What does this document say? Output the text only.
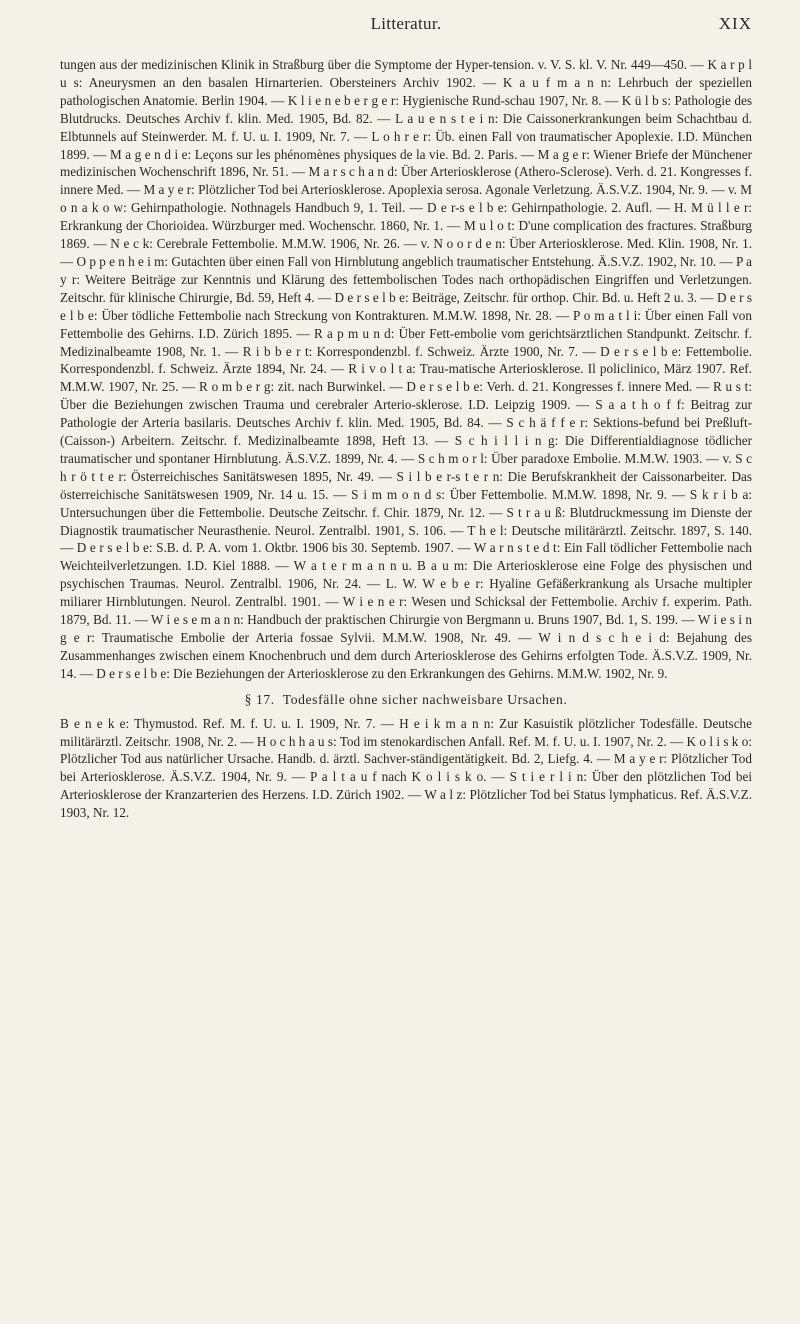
Litteratur.	XIX

tungen aus der medizinischen Klinik in Straßburg über die Symptome der Hyper-tension. v. V. S. kl. V. Nr. 449—450. — K a r p l u s: Aneurysmen an den basalen Hirnarterien. Obersteiners Archiv 1902. — K a u f m a n n: Lehrbuch der speziellen pathologischen Anatomie. Berlin 1904. — K l i e n e b e r g e r: Hygienische Rund-schau 1907, Nr. 8. — K ü l b s: Pathologie des Blutdrucks. Deutsches Archiv f. klin. Med. 1905, Bd. 82. — L a u e n s t e i n: Die Caissonerkrankungen beim Schachtbau d. Elbtunnels auf Steinwerder. M. f. U. u. I. 1909, Nr. 7. — L o h r e r: Üb. einen Fall von traumatischer Apoplexie. I.D. München 1899. — M a g e n d i e: Leçons sur les phénomènes physiques de la vie. Bd. 2. Paris. — M a g e r: Wiener Briefe der Münchener medizinischen Wochenschrift 1896, Nr. 51. — M a r s c h a n d: Über Arteriosklerose (Athero-Sclerose). Verh. d. 21. Kongresses f. innere Med. — M a y e r: Plötzlicher Tod bei Arteriosklerose. Apoplexia serosa. Agonale Verletzung. Ä.S.V.Z. 1904, Nr. 9. — v. M o n a k o w: Gehirnpathologie. Nothnagels Handbuch 9, 1. Teil. — D e r-s e l b e: Gehirnpathologie. 2. Aufl. — H. M ü l l e r: Erkrankung der Chorioidea. Würzburger med. Wochenschr. 1860, Nr. 1. — M u l o t: D'une complication des fractures. Straßburg 1869. — N e c k: Cerebrale Fettembolie. M.M.W. 1906, Nr. 26. — v. N o o r d e n: Über Arteriosklerose. Med. Klin. 1908, Nr. 1. — O p p e n h e i m: Gutachten über einen Fall von Hirnblutung angeblich traumatischer Entstehung. Ä.S.V.Z. 1902, Nr. 10. — P a y r: Weitere Beiträge zur Kenntnis und Klärung des fettembolischen Todes nach orthopädischen Eingriffen und Verletzungen. Zeitschr. für klinische Chirurgie, Bd. 59, Heft 4. — D e r s e l b e: Beiträge, Zeitschr. für orthop. Chir. Bd. u. Heft 2 u. 3. — D e r s e l b e: Über tödliche Fettembolie nach Streckung von Kontrakturen. M.M.W. 1898, Nr. 28. — P o m a t l i: Über einen Fall von Fettembolie des Gehirns. I.D. Zürich 1895. — R a p m u n d: Über Fett-embolie vom gerichtsärztlichen Standpunkt. Zeitschr. f. Medizinalbeamte 1908, Nr. 1. — R i b b e r t: Korrespondenzbl. f. Schweiz. Ärzte 1900, Nr. 7. — D e r s e l b e: Fettembolie. Korrespondenzbl. f. Schweiz. Ärzte 1894, Nr. 24. — R i v o l t a: Trau-matische Arteriosklerose. Il policlinico, März 1907. Ref. M.M.W. 1907, Nr. 25. — R o m b e r g: zit. nach Burwinkel. — D e r s e l b e: Verh. d. 21. Kongresses f. innere Med. — R u s t: Über die Beziehungen zwischen Trauma und cerebraler Arterio-sklerose. I.D. Leipzig 1909. — S a a t h o f f: Beitrag zur Pathologie der Arteria basilaris. Deutsches Archiv f. klin. Med. 1905, Bd. 84. — S c h ä f f e r: Sektions-befund bei Preßluft- (Caisson-) Arbeitern. Zeitschr. f. Medizinalbeamte 1898, Heft 13. — S c h i l l i n g: Die Differentialdiagnose tödlicher traumatischer und spontaner Hirnblutung. Ä.S.V.Z. 1899, Nr. 4. — S c h m o r l: Über paradoxe Embolie. M.M.W. 1903. — v. S c h r ö t t e r: Österreichisches Sanitätswesen 1895, Nr. 49. — S i l b e r-s t e r n: Die Berufskrankheit der Caissonarbeiter. Das österreichische Sanitätswesen 1909, Nr. 14 u. 15. — S i m m o n d s: Über Fettembolie. M.M.W. 1898, Nr. 9. — S k r i b a: Untersuchungen über die Fettembolie. Deutsche Zeitschr. f. Chir. 1879, Nr. 12. — S t r a u ß: Blutdruckmessung im Dienste der Diagnostik traumatischer Neurasthenie. Neurol. Zentralbl. 1901, S. 106. — T h e l: Deutsche militärärztl. Zeitschr. 1897, S. 140. — D e r s e l b e: S.B. d. P. A. vom 1. Oktbr. 1906 bis 30. Septemb. 1907. — W a r n s t e d t: Ein Fall tödlicher Fettembolie nach Weichteilverletzungen. I.D. Kiel 1888. — W a t e r m a n n u. B a u m: Die Arteriosklerose eine Folge des physischen und psychischen Traumas. Neurol. Zentralbl. 1906, Nr. 24. — L. W. W e b e r: Hyaline Gefäßerkrankung als Ursache multipler miliarer Hirnblutungen. Neurol. Zentralbl. 1901. — W i e n e r: Wesen und Schicksal der Fettembolie. Archiv f. experim. Path. 1879, Bd. 11. — W i e s e m a n n: Handbuch der praktischen Chirurgie von Bergmann u. Bruns 1907, Bd. 1, S. 199. — W i e s i n g e r: Traumatische Embolie der Arteria fossae Sylvii. M.M.W. 1908, Nr. 49. — W i n d s c h e i d: Bejahung des Zusammenhanges zwischen einem Knochenbruch und dem durch Arteriosklerose des Gehirns erfolgten Tode. Ä.S.V.Z. 1909, Nr. 14. — D e r s e l b e: Die Beziehungen der Arteriosklerose zu den Erkrankungen des Gehirns. M.M.W. 1902, Nr. 9.

§ 17. Todesfälle ohne sicher nachweisbare Ursachen.

B e n e k e: Thymustod. Ref. M. f. U. u. I. 1909, Nr. 7. — H e i k m a n n: Zur Kasuistik plötzlicher Todesfälle. Deutsche militärärztl. Zeitschr. 1908, Nr. 2. — H o c h h a u s: Tod im stenokardischen Anfall. Ref. M. f. U. u. I. 1907, Nr. 2. — K o l i s k o: Plötzlicher Tod aus natürlicher Ursache. Handb. d. ärztl. Sachver-ständigentätigkeit. Bd. 2, Liefg. 4. — M a y e r: Plötzlicher Tod bei Arteriosklerose. Ä.S.V.Z. 1904, Nr. 9. — P a l t a u f nach K o l i s k o. — S t i e r l i n: Über den plötzlichen Tod bei Arteriosklerose der Kranzarterien des Herzens. I.D. Zürich 1902. — W a l z: Plötzlicher Tod bei Status lymphaticus. Ref. Ä.S.V.Z. 1903, Nr. 12.
